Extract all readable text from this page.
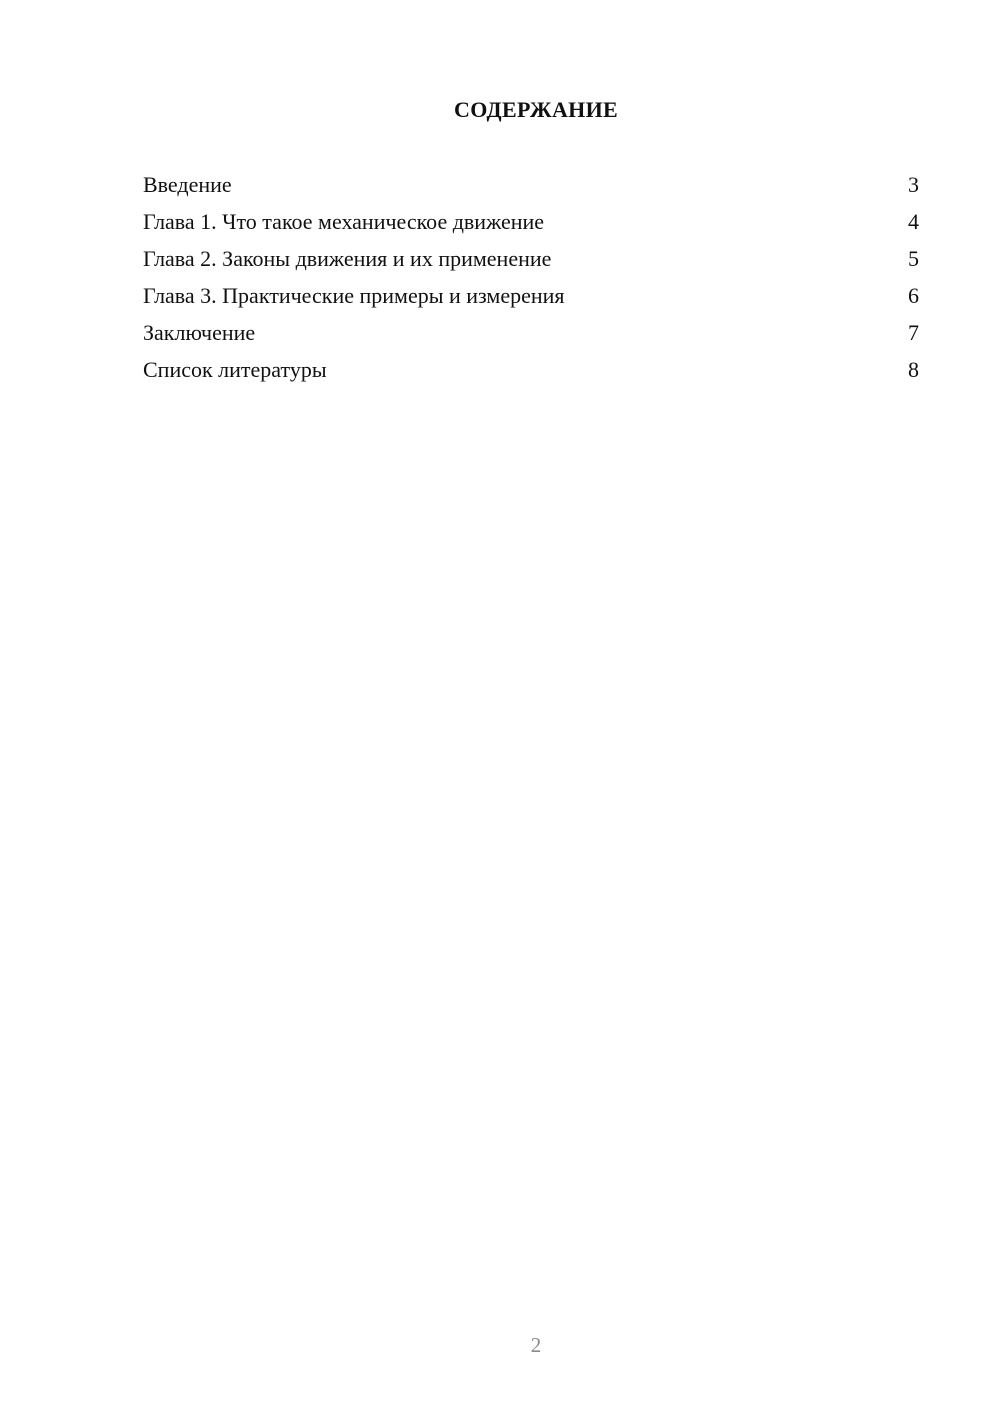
СОДЕРЖАНИЕ
Введение	3
Глава 1. Что такое механическое движение	4
Глава 2. Законы движения и их применение	5
Глава 3. Практические примеры и измерения	6
Заключение	7
Список литературы	8
2
